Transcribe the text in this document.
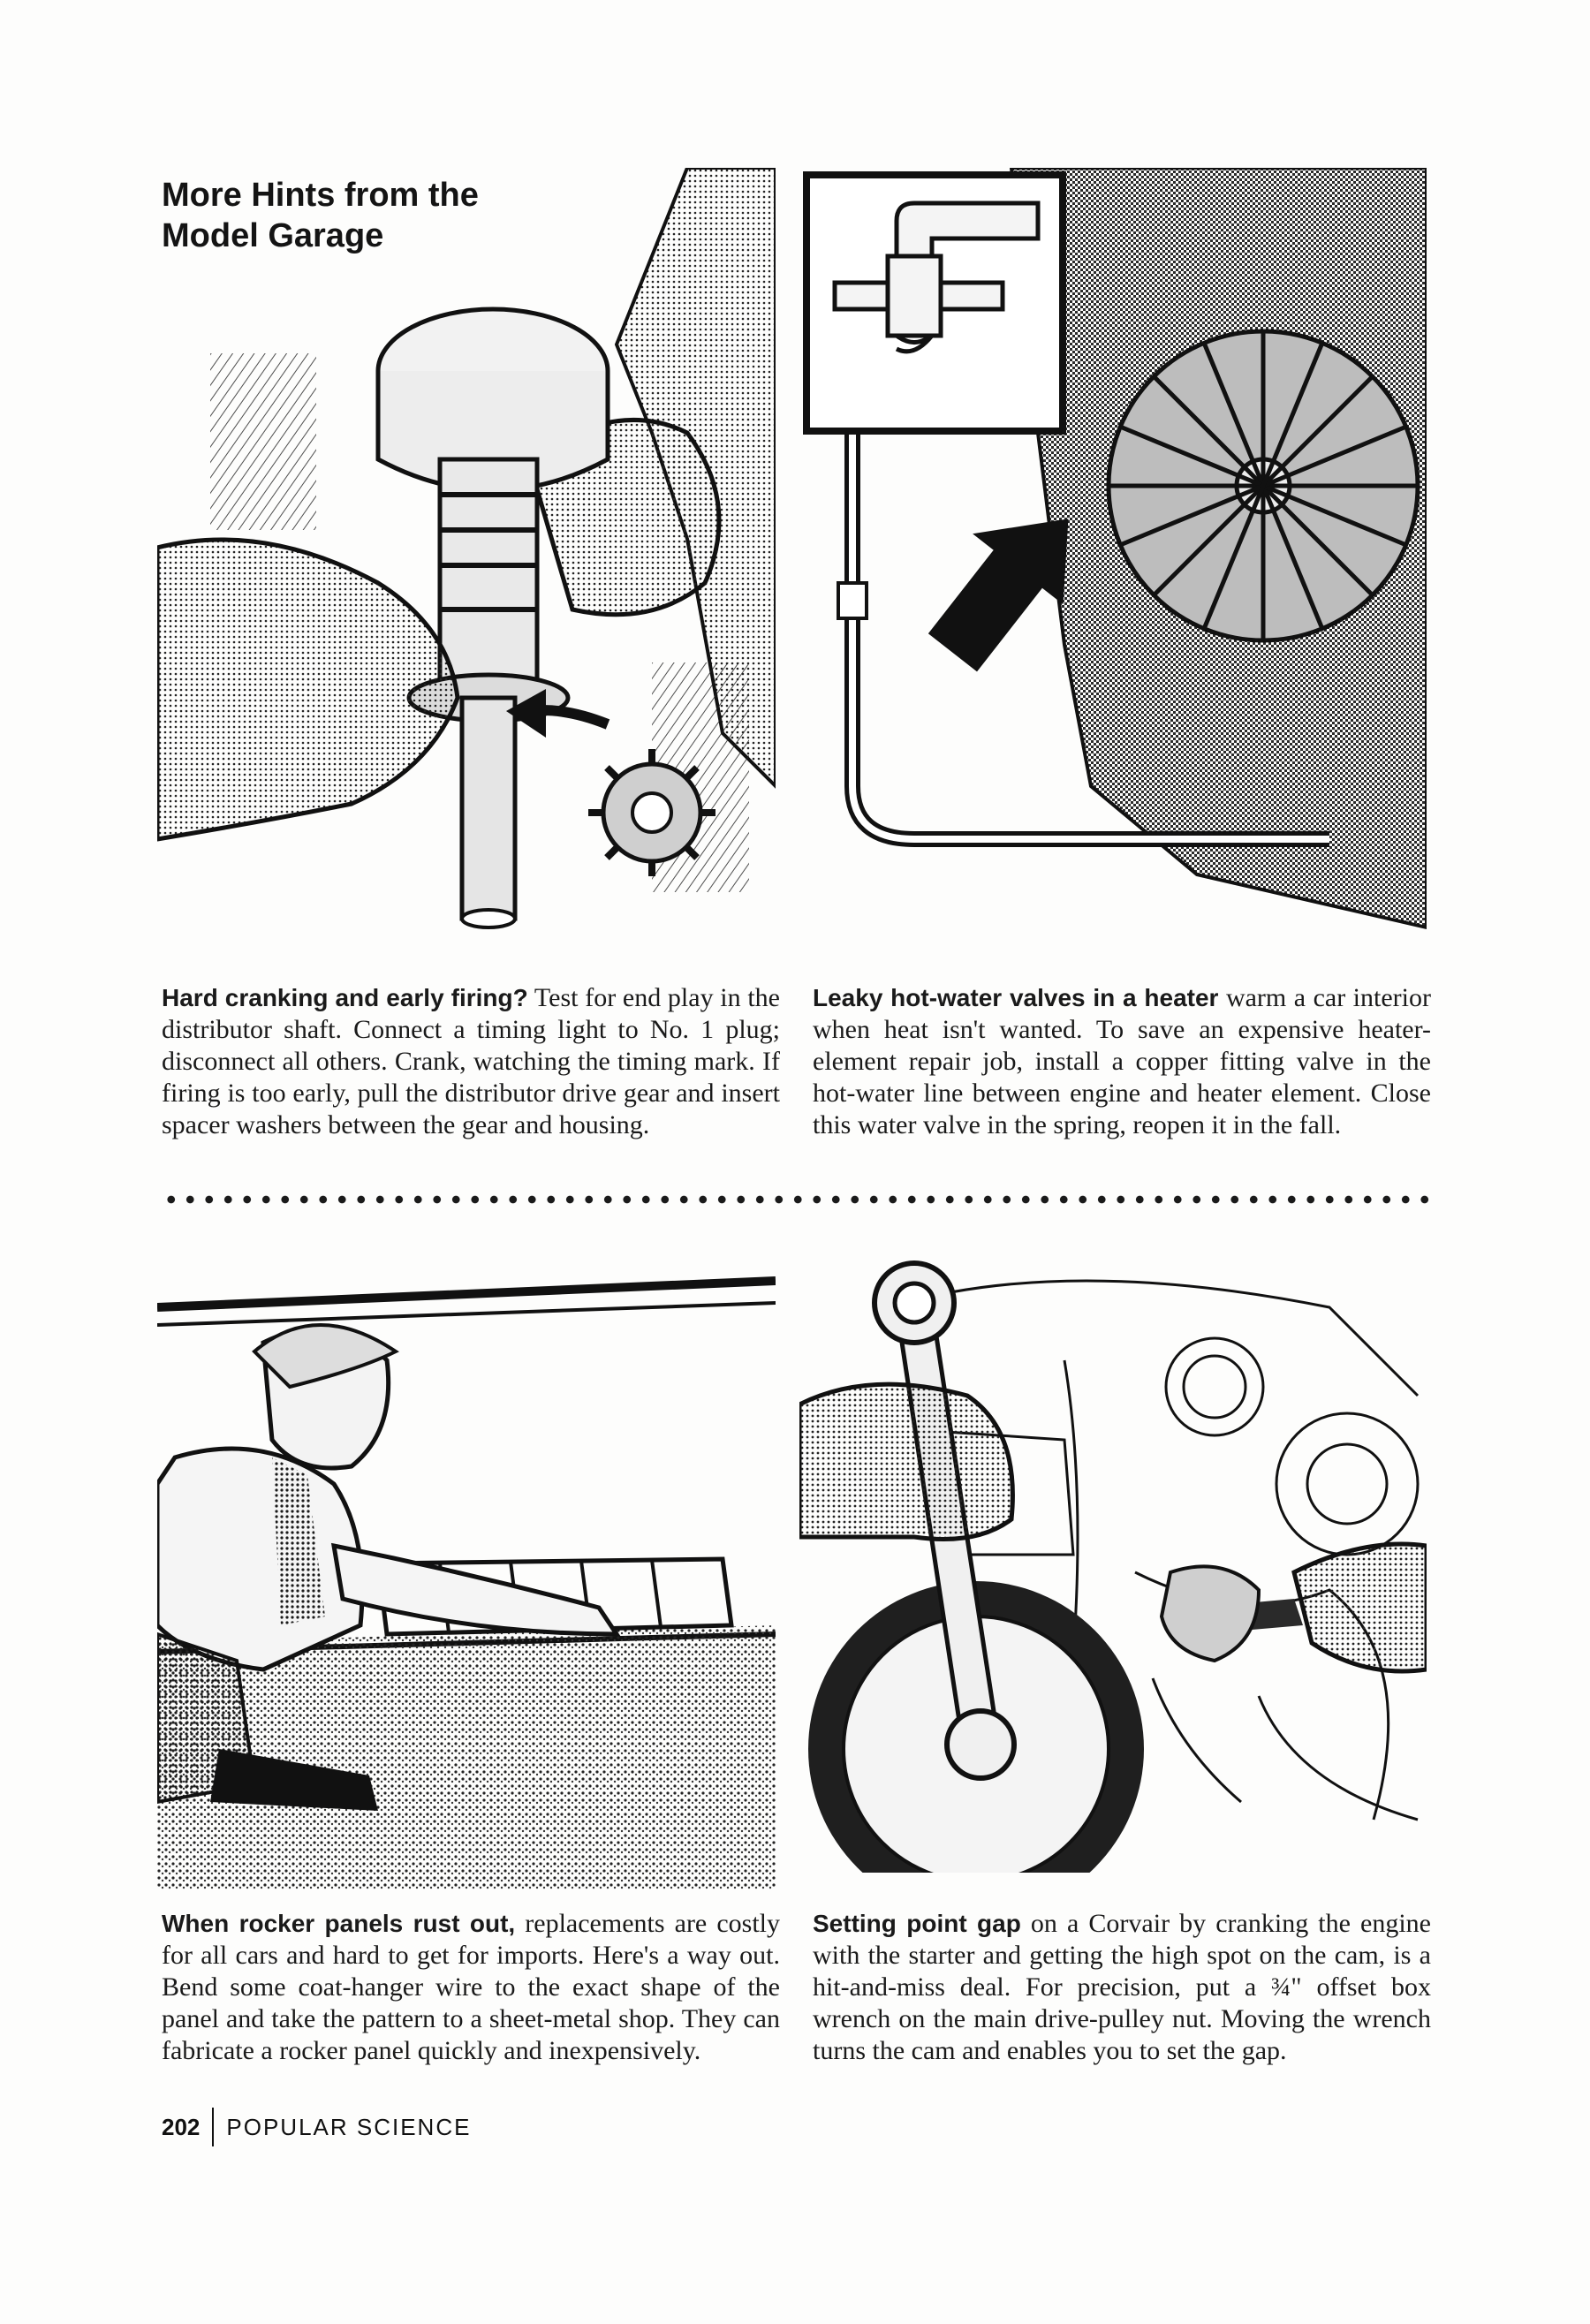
More Hints from the
Model Garage
Hard cranking and early firing? Test for end play in the distributor shaft. Connect a timing light to No. 1 plug; disconnect all others. Crank, watching the timing mark. If firing is too early, pull the distributor drive gear and insert spacer washers between the gear and housing.
Leaky hot-water valves in a heater warm a car interior when heat isn't wanted. To save an expensive heater-element repair job, install a copper fitting valve in the hot-water line between engine and heater element. Close this water valve in the spring, reopen it in the fall.
When rocker panels rust out, replacements are costly for all cars and hard to get for imports. Here's a way out. Bend some coat-hanger wire to the exact shape of the panel and take the pattern to a sheet-metal shop. They can fabricate a rocker panel quickly and inexpensively.
Setting point gap on a Corvair by cranking the engine with the starter and getting the high spot on the cam, is a hit-and-miss deal. For precision, put a ¾" offset box wrench on the main drive-pulley nut. Moving the wrench turns the cam and enables you to set the gap.
202 POPULAR SCIENCE
